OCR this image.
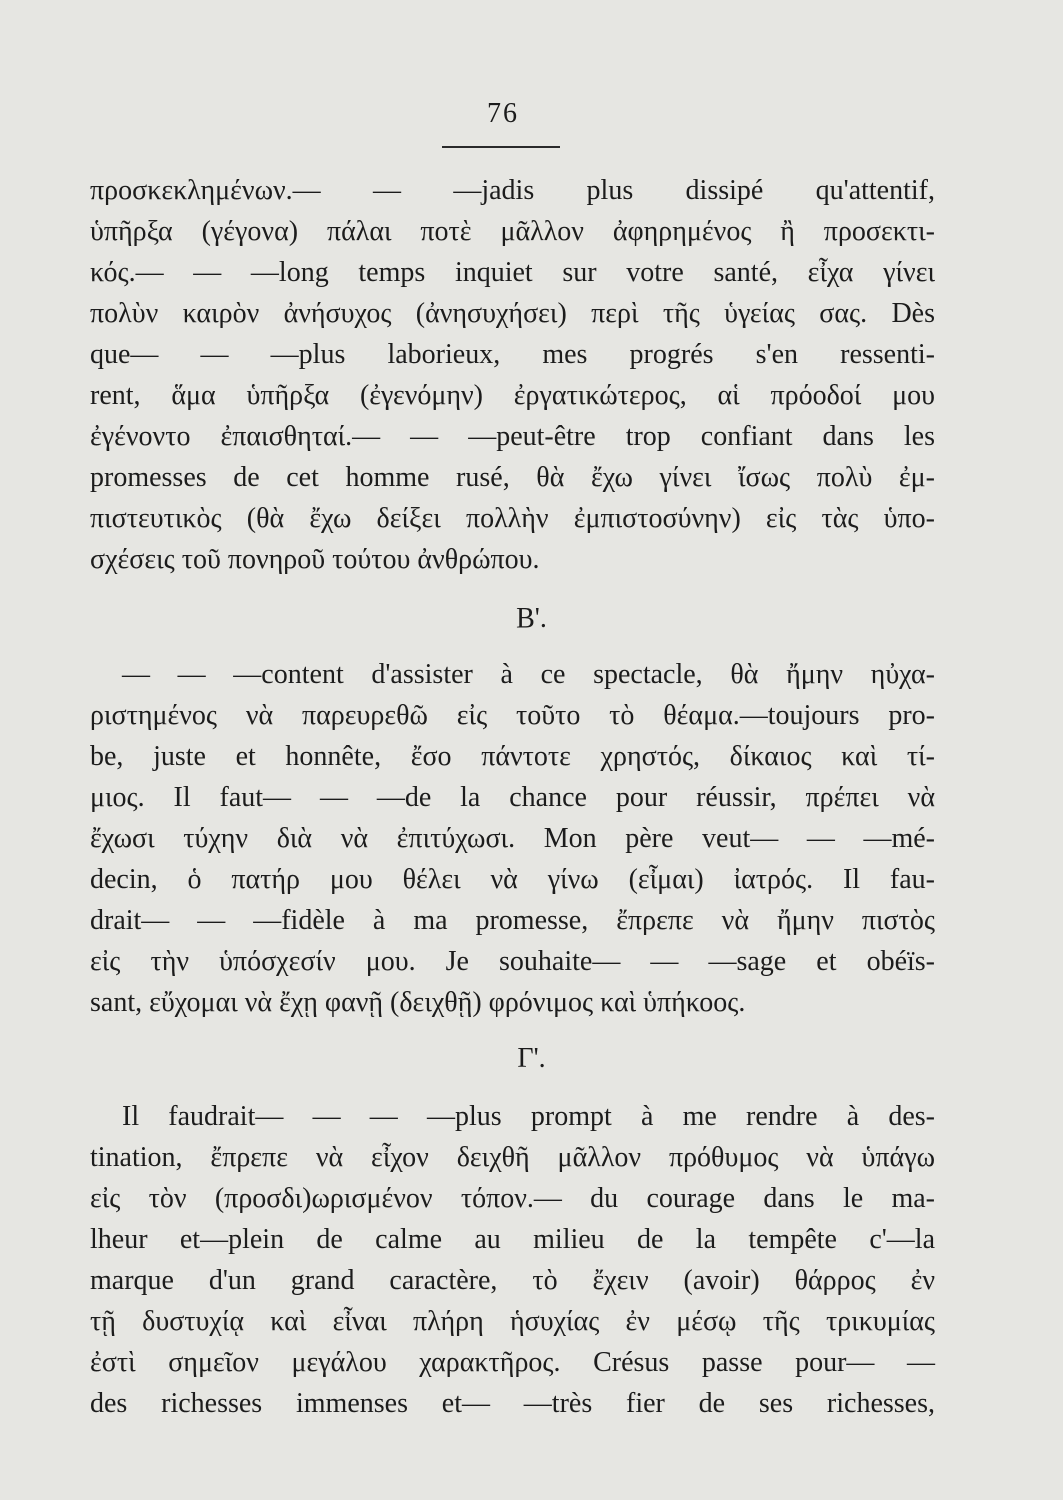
76
προσκεκλημένων.— — —jadis plus dissipé qu'attentif,
ὑπῆρξα (γέγονα) πάλαι ποτὲ μᾶλλον ἀφηρημένος ἢ προσεκτι-
κός.— — —long temps inquiet sur votre santé, εἶχα γίνει
πολὺν καιρὸν ἀνήσυχος (ἀνησυχήσει) περὶ τῆς ὑγείας σας. Dès
que— — —plus laborieux, mes progrés s'en ressenti-
rent, ἅμα ὑπῆρξα (ἐγενόμην) ἐργατικώτερος, αἱ πρόοδοί μου
ἐγένοντο ἐπαισθηταί.— — —peut-être trop confiant dans les
promesses de cet homme rusé, θὰ ἔχω γίνει ἴσως πολὺ ἐμ-
πιστευτικὸς (θὰ ἔχω δείξει πολλὴν ἐμπιστοσύνην) εἰς τὰς ὑπο-
σχέσεις τοῦ πονηροῦ τούτου ἀνθρώπου.
Β'.
— — —content d'assister à ce spectacle, θὰ ἤμην ηὐχα-
ριστημένος νὰ παρευρεθῶ εἰς τοῦτο τὸ θέαμα.—toujours pro-
be, juste et honnête, ἔσο πάντοτε χρηστός, δίκαιος καὶ τί-
μιος. Il faut— — —de la chance pour réussir, πρέπει νὰ
ἔχωσι τύχην διὰ νὰ ἐπιτύχωσι. Mon père veut— — —mé-
decin, ὁ πατήρ μου θέλει νὰ γίνω (εἶμαι) ἰατρός. Il fau-
drait— — —fidèle à ma promesse, ἔπρεπε νὰ ἤμην πιστὸς
εἰς τὴν ὑπόσχεσίν μου. Je souhaite— — —sage et obéïs-
sant, εὔχομαι νὰ ἔχῃ φανῇ (δειχθῇ) φρόνιμος καὶ ὑπήκοος.
Γ'.
Il faudrait— — — —plus prompt à me rendre à des-
tination, ἔπρεπε νὰ εἶχον δειχθῆ μᾶλλον πρόθυμος νὰ ὑπάγω
εἰς τὸν (προσδι)ωρισμένον τόπον.— du courage dans le ma-
lheur et—plein de calme au milieu de la tempête c'—la
marque d'un grand caractère, τὸ ἔχειν (avoir) θάρρος ἐν
τῇ δυστυχίᾳ καὶ εἶναι πλήρη ἡσυχίας ἐν μέσῳ τῆς τρικυμίας
ἐστὶ σημεῖον μεγάλου χαρακτῆρος. Crésus passe pour— —
des richesses immenses et— —très fier de ses richesses,
